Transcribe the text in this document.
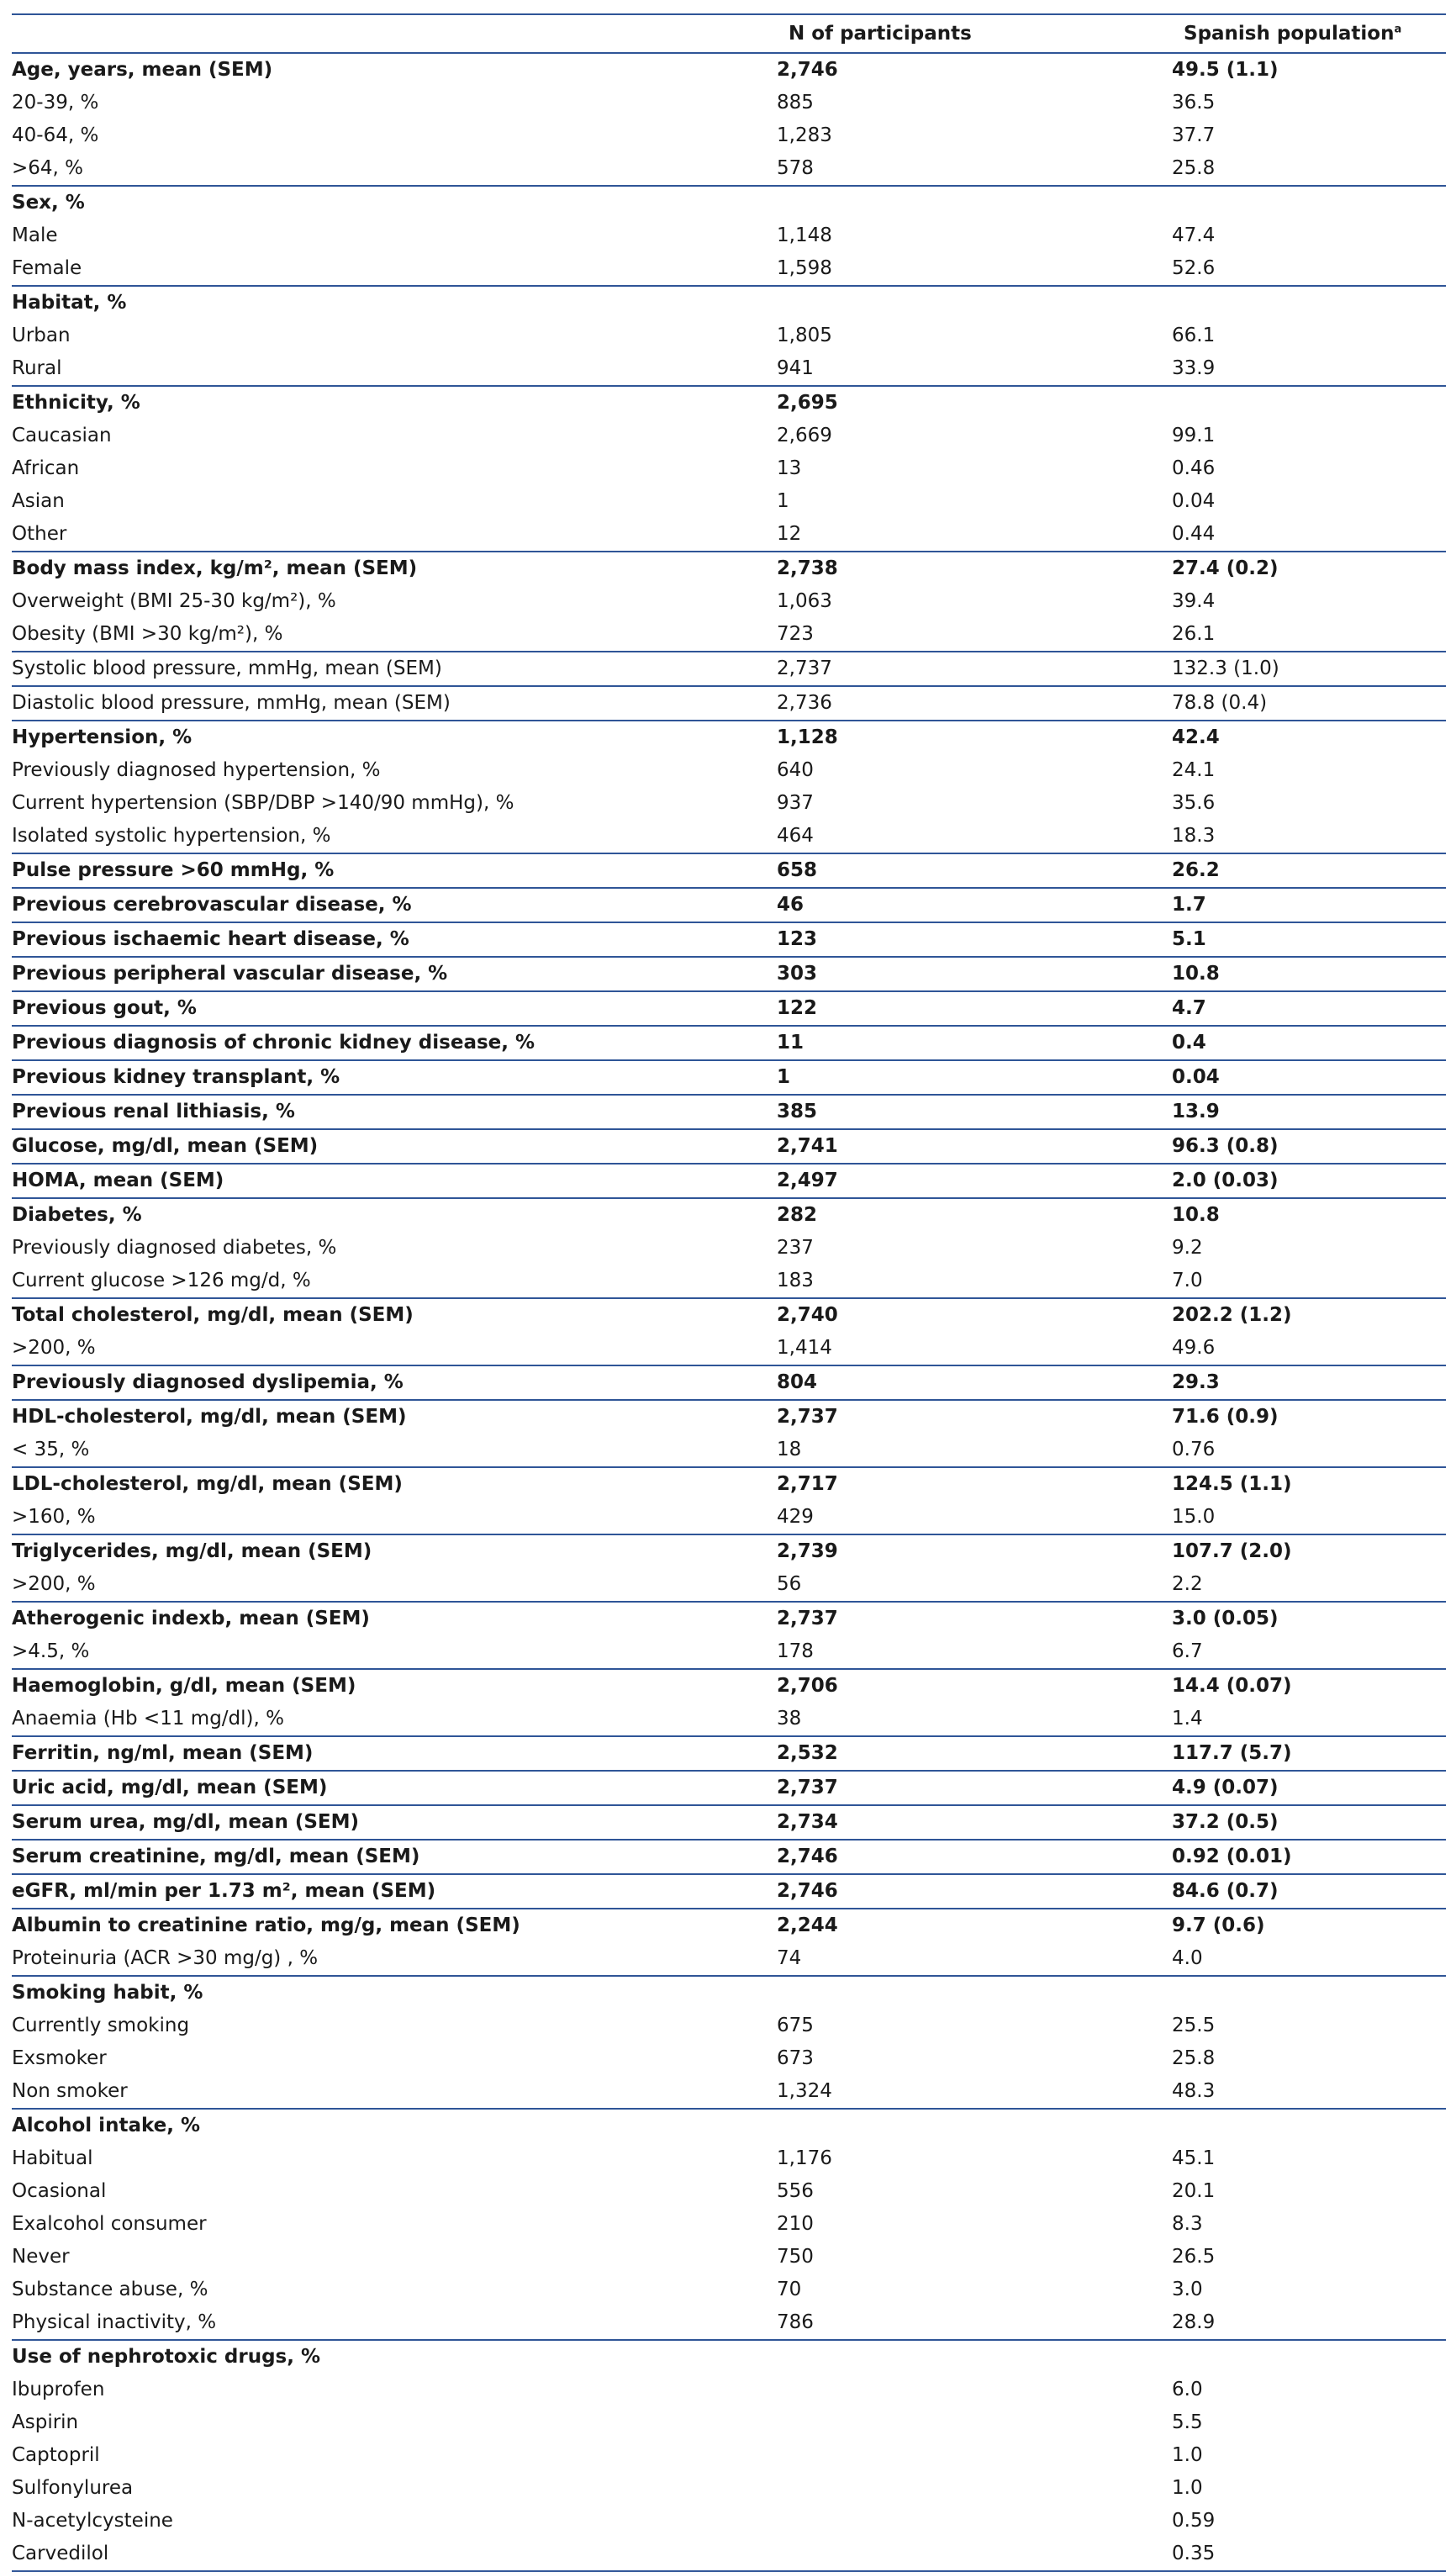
	N of participants	Spanish population$^a$
Age, years, mean (SEM)	2,746	49.5 (1.1)
20-39, %	885	36.5
40-64, %	1,283	37.7
>64, %	578	25.8
Sex, %		
Male	1,148	47.4
Female	1,598	52.6
Habitat, %		
Urban	1,805	66.1
Rural	941	33.9
Ethnicity, %	2,695	
Caucasian	2,669	99.1
African	13	0.46
Asian	1	0.04
Other	12	0.44
Body mass index, kg/m², mean (SEM)	2,738	27.4 (0.2)
Overweight (BMI 25-30 kg/m²), %	1,063	39.4
Obesity (BMI >30 kg/m²), %	723	26.1
Systolic blood pressure, mmHg, mean (SEM)	2,737	132.3 (1.0)
Diastolic blood pressure, mmHg, mean (SEM)	2,736	78.8 (0.4)
Hypertension, %	1,128	42.4
Previously diagnosed hypertension, %	640	24.1
Current hypertension (SBP/DBP >140/90 mmHg), %	937	35.6
Isolated systolic hypertension, %	464	18.3
Pulse pressure >60 mmHg, %	658	26.2
Previous cerebrovascular disease, %	46	1.7
Previous ischaemic heart disease, %	123	5.1
Previous peripheral vascular disease, %	303	10.8
Previous gout, %	122	4.7
Previous diagnosis of chronic kidney disease, %	11	0.4
Previous kidney transplant, %	1	0.04
Previous renal lithiasis, %	385	13.9
Glucose, mg/dl, mean (SEM)	2,741	96.3 (0.8)
HOMA, mean (SEM)	2,497	2.0 (0.03)
Diabetes, %	282	10.8
Previously diagnosed diabetes, %	237	9.2
Current glucose >126 mg/d, %	183	7.0
Total cholesterol, mg/dl, mean (SEM)	2,740	202.2 (1.2)
>200, %	1,414	49.6
Previously diagnosed dyslipemia, %	804	29.3
HDL-cholesterol, mg/dl, mean (SEM)	2,737	71.6 (0.9)
< 35, %	18	0.76
LDL-cholesterol, mg/dl, mean (SEM)	2,717	124.5 (1.1)
>160, %	429	15.0
Triglycerides, mg/dl, mean (SEM)	2,739	107.7 (2.0)
>200, %	56	2.2
Atherogenic indexb, mean (SEM)	2,737	3.0 (0.05)
>4.5, %	178	6.7
Haemoglobin, g/dl, mean (SEM)	2,706	14.4 (0.07)
Anaemia (Hb <11 mg/dl), %	38	1.4
Ferritin, ng/ml, mean (SEM)	2,532	117.7 (5.7)
Uric acid, mg/dl, mean (SEM)	2,737	4.9 (0.07)
Serum urea, mg/dl, mean (SEM)	2,734	37.2 (0.5)
Serum creatinine, mg/dl, mean (SEM)	2,746	0.92 (0.01)
eGFR, ml/min per 1.73 m², mean (SEM)	2,746	84.6 (0.7)
Albumin to creatinine ratio, mg/g, mean (SEM)	2,244	9.7 (0.6)
Proteinuria (ACR >30 mg/g) , %	74	4.0
Smoking habit, %		
Currently smoking	675	25.5
Exsmoker	673	25.8
Non smoker	1,324	48.3
Alcohol intake, %		
Habitual	1,176	45.1
Ocasional	556	20.1
Exalcohol consumer	210	8.3
Never	750	26.5
Substance abuse, %	70	3.0
Physical inactivity, %	786	28.9
Use of nephrotoxic drugs, %		
Ibuprofen		6.0
Aspirin		5.5
Captopril		1.0
Sulfonylurea		1.0
N-acetylcysteine		0.59
Carvedilol		0.35
